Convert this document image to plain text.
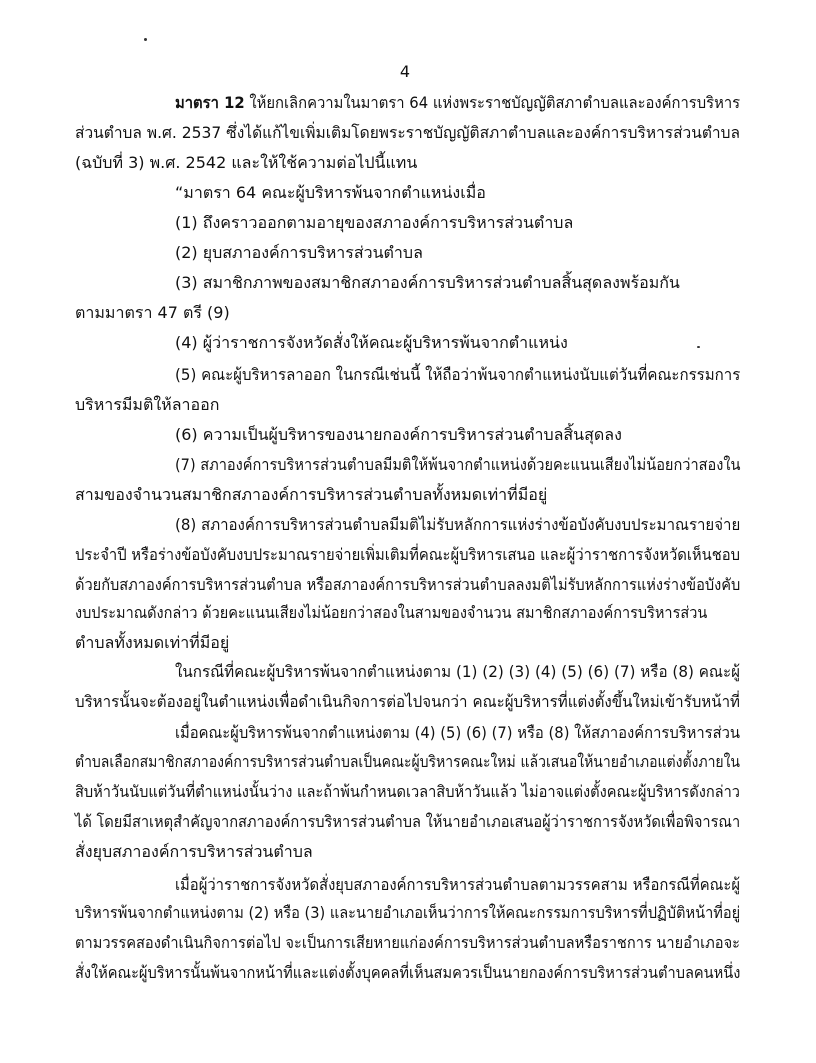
4
มาตรา 12 ให้ยกเลิกความในมาตรา 64 แห่งพระราชบัญญัติสภาตำบลและองค์การบริหาร
ส่วนตำบล พ.ศ. 2537 ซึ่งได้แก้ไขเพิ่มเติมโดยพระราชบัญญัติสภาตำบลและองค์การบริหารส่วนตำบล
(ฉบับที่ 3) พ.ศ. 2542 และให้ใช้ความต่อไปนี้แทน
“มาตรา 64 คณะผู้บริหารพ้นจากตำแหน่งเมื่อ
(1) ถึงคราวออกตามอายุของสภาองค์การบริหารส่วนตำบล
(2) ยุบสภาองค์การบริหารส่วนตำบล
(3) สมาชิกภาพของสมาชิกสภาองค์การบริหารส่วนตำบลสิ้นสุดลงพร้อมกัน
ตามมาตรา 47 ตรี (9)
(4) ผู้ว่าราชการจังหวัดสั่งให้คณะผู้บริหารพ้นจากตำแหน่ง
(5) คณะผู้บริหารลาออก ในกรณีเช่นนี้ ให้ถือว่าพ้นจากตำแหน่งนับแต่วันที่คณะกรรมการ
บริหารมีมติให้ลาออก
(6) ความเป็นผู้บริหารของนายกองค์การบริหารส่วนตำบลสิ้นสุดลง
(7) สภาองค์การบริหารส่วนตำบลมีมติให้พ้นจากตำแหน่งด้วยคะแนนเสียงไม่น้อยกว่าสองใน
สามของจำนวนสมาชิกสภาองค์การบริหารส่วนตำบลทั้งหมดเท่าที่มีอยู่
(8) สภาองค์การบริหารส่วนตำบลมีมติไม่รับหลักการแห่งร่างข้อบังคับงบประมาณรายจ่าย
ประจำปี หรือร่างข้อบังคับงบประมาณรายจ่ายเพิ่มเติมที่คณะผู้บริหารเสนอ และผู้ว่าราชการจังหวัดเห็นชอบ
ด้วยกับสภาองค์การบริหารส่วนตำบล หรือสภาองค์การบริหารส่วนตำบลลงมติไม่รับหลักการแห่งร่างข้อบังคับ
งบประมาณดังกล่าว ด้วยคะแนนเสียงไม่น้อยกว่าสองในสามของจำนวน สมาชิกสภาองค์การบริหารส่วน
ตำบลทั้งหมดเท่าที่มีอยู่
ในกรณีที่คณะผู้บริหารพ้นจากตำแหน่งตาม (1) (2) (3) (4) (5) (6) (7) หรือ (8) คณะผู้
บริหารนั้นจะต้องอยู่ในตำแหน่งเพื่อดำเนินกิจการต่อไปจนกว่า คณะผู้บริหารที่แต่งตั้งขึ้นใหม่เข้ารับหน้าที่
เมื่อคณะผู้บริหารพ้นจากตำแหน่งตาม (4) (5) (6) (7) หรือ (8) ให้สภาองค์การบริหารส่วน
ตำบลเลือกสมาชิกสภาองค์การบริหารส่วนตำบลเป็นคณะผู้บริหารคณะใหม่ แล้วเสนอให้นายอำเภอแต่งตั้งภายใน
สิบห้าวันนับแต่วันที่ตำแหน่งนั้นว่าง และถ้าพ้นกำหนดเวลาสิบห้าวันแล้ว ไม่อาจแต่งตั้งคณะผู้บริหารดังกล่าว
ได้ โดยมีสาเหตุสำคัญจากสภาองค์การบริหารส่วนตำบล ให้นายอำเภอเสนอผู้ว่าราชการจังหวัดเพื่อพิจารณา
สั่งยุบสภาองค์การบริหารส่วนตำบล
เมื่อผู้ว่าราชการจังหวัดสั่งยุบสภาองค์การบริหารส่วนตำบลตามวรรคสาม หรือกรณีที่คณะผู้
บริหารพ้นจากตำแหน่งตาม (2) หรือ (3) และนายอำเภอเห็นว่าการให้คณะกรรมการบริหารที่ปฏิบัติหน้าที่อยู่
ตามวรรคสองดำเนินกิจการต่อไป จะเป็นการเสียหายแก่องค์การบริหารส่วนตำบลหรือราชการ นายอำเภอจะ
สั่งให้คณะผู้บริหารนั้นพ้นจากหน้าที่และแต่งตั้งบุคคลที่เห็นสมควรเป็นนายกองค์การบริหารส่วนตำบลคนหนึ่ง
